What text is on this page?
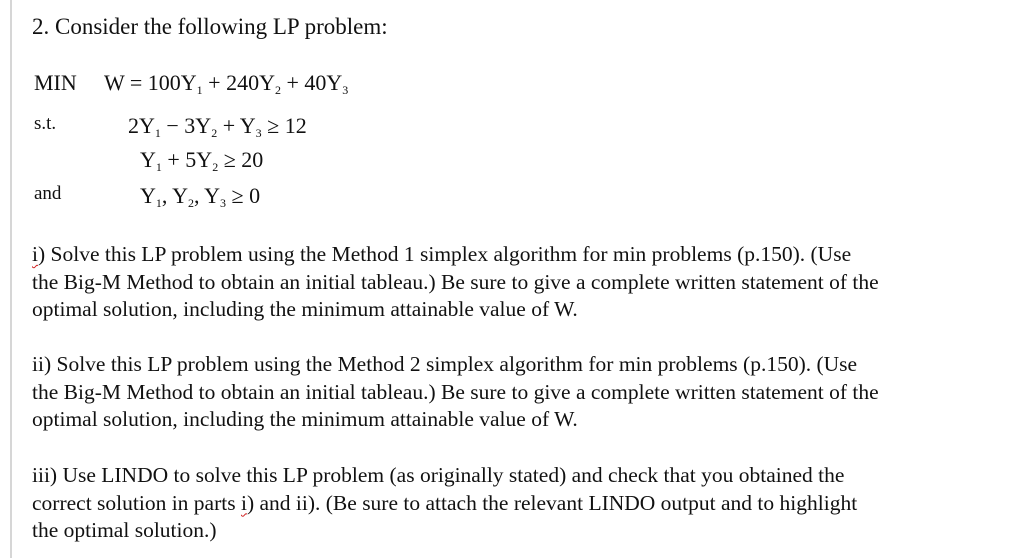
2. Consider the following LP problem:
MIN $W = 100Y_1 + 240Y_2 + 40Y_3$
s.t.	$2Y_1 - 3Y_2 + Y_3 \ge 12$
$Y_1 + 5Y_2 \ge 20$
and	$Y_1$, $Y_2$, $Y_3 \ge 0$
i) Solve this LP problem using the Method 1 simplex algorithm for min problems (p.150). (Use
the Big-M Method to obtain an initial tableau.) Be sure to give a complete written statement of the
optimal solution, including the minimum attainable value of W.
ii) Solve this LP problem using the Method 2 simplex algorithm for min problems (p.150). (Use
the Big-M Method to obtain an initial tableau.) Be sure to give a complete written statement of the
optimal solution, including the minimum attainable value of W.
iii) Use LINDO to solve this LP problem (as originally stated) and check that you obtained the
correct solution in parts i) and ii). (Be sure to attach the relevant LINDO output and to highlight
the optimal solution.)
